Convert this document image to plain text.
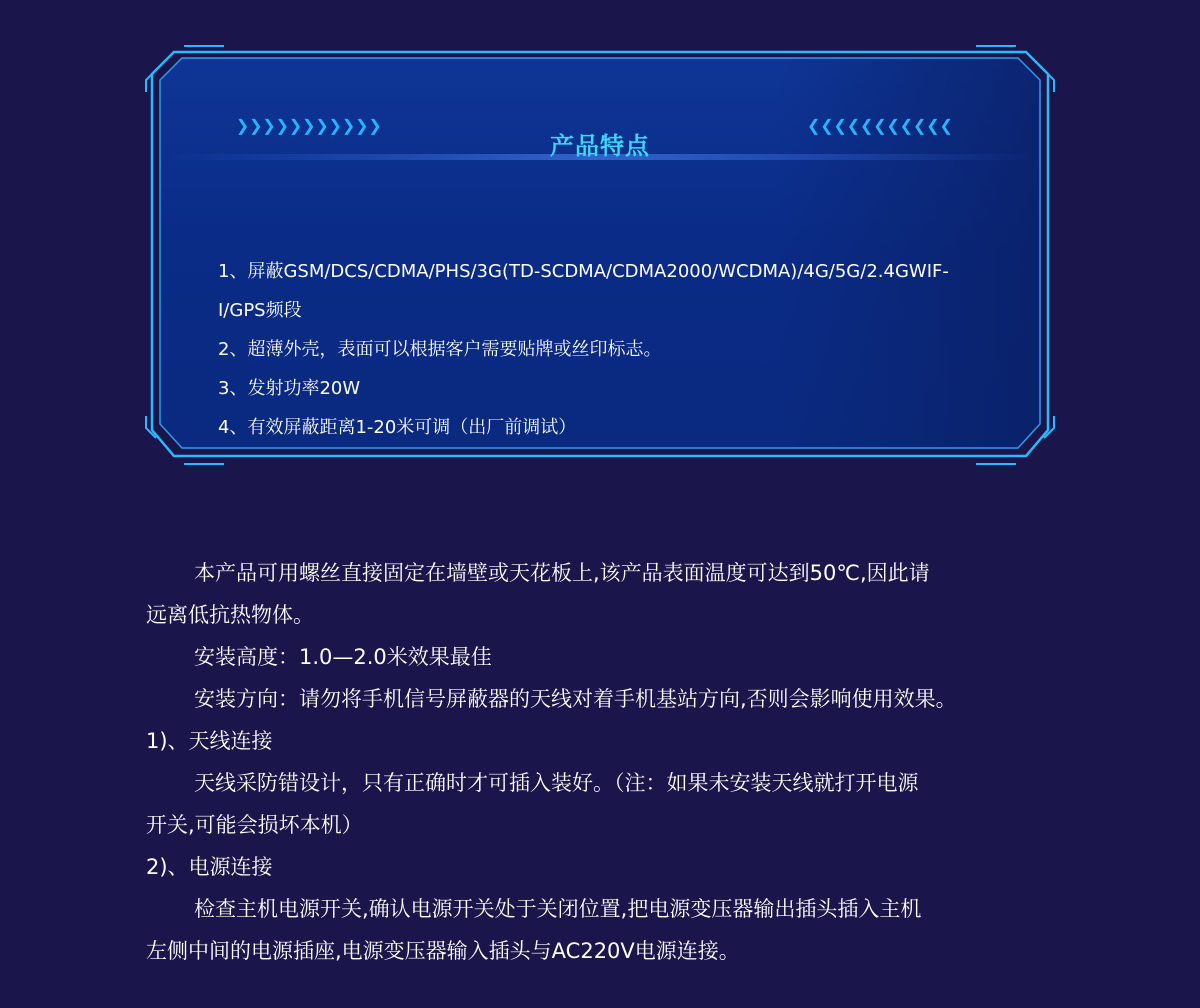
❯❯❯❯❯❯❯❯❯❯❯	❮❮❮❮❮❮❮❮❮❮❮
产品特点
1、屏蔽GSM/DCS/CDMA/PHS/3G(TD-SCDMA/CDMA2000/WCDMA)/4G/5G/2.4GWIF-
I/GPS频段
2、超薄外壳，表面可以根据客户需要贴牌或丝印标志。
3、发射功率20W
4、有效屏蔽距离1-20米可调（出厂前调试）

本产品可用螺丝直接固定在墙壁或天花板上,该产品表面温度可达到50℃,因此请

远离低抗热物体。

安装高度：1.0—2.0米效果最佳

安装方向：请勿将手机信号屏蔽器的天线对着手机基站方向,否则会影响使用效果。

1)、天线连接

天线采防错设计，只有正确时才可插入装好。（注：如果未安装天线就打开电源

开关,可能会损坏本机）

2)、电源连接

检查主机电源开关,确认电源开关处于关闭位置,把电源变压器输出插头插入主机

左侧中间的电源插座,电源变压器输入插头与AC220V电源连接。
